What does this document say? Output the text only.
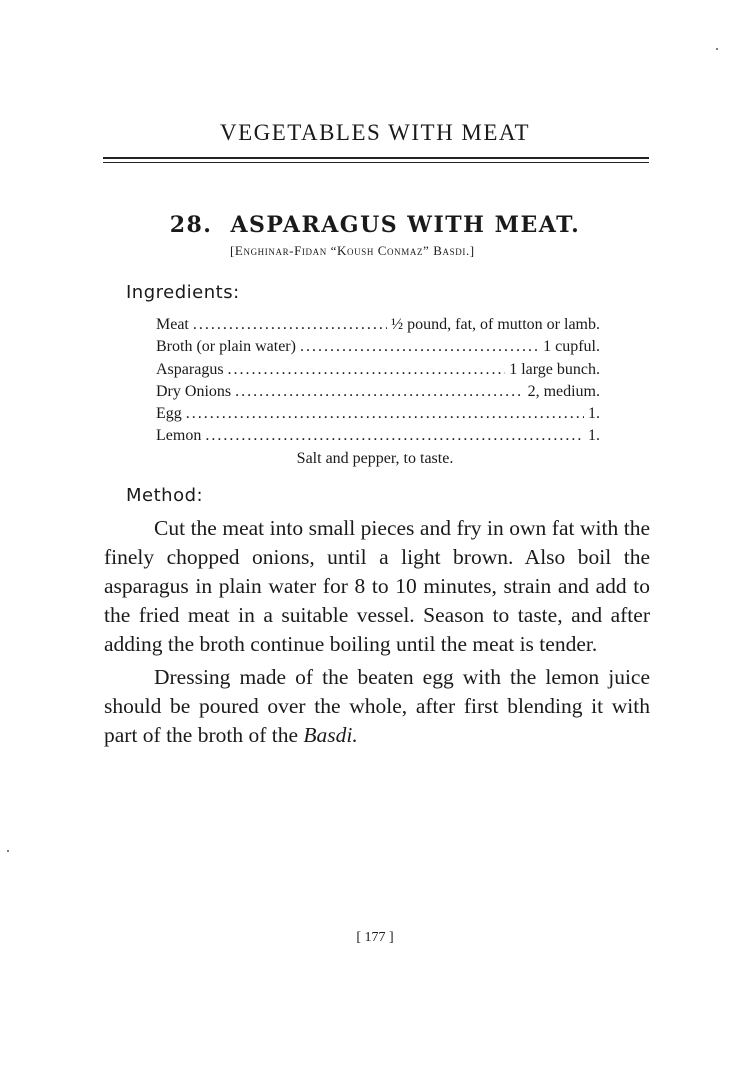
VEGETABLES WITH MEAT
28. ASPARAGUS WITH MEAT.
[Enghinar-Fidan “Koush Conmaz” Basdi.]
Ingredients:
Meat .....	½ pound, fat, of mutton or lamb.
Broth (or plain water) .....	1 cupful.
Asparagus .....	1 large bunch.
Dry Onions .....	2, medium.
Egg .....	1.
Lemon .....	1.
Salt and pepper, to taste.
Method:

Cut the meat into small pieces and fry in own fat with the finely chopped onions, until a light brown. Also boil the asparagus in plain water for 8 to 10 minutes, strain and add to the fried meat in a suitable vessel. Season to taste, and after adding the broth continue boiling until the meat is tender.

Dressing made of the beaten egg with the lemon juice should be poured over the whole, after first blending it with part of the broth of the Basdi.

[ 177 ]
